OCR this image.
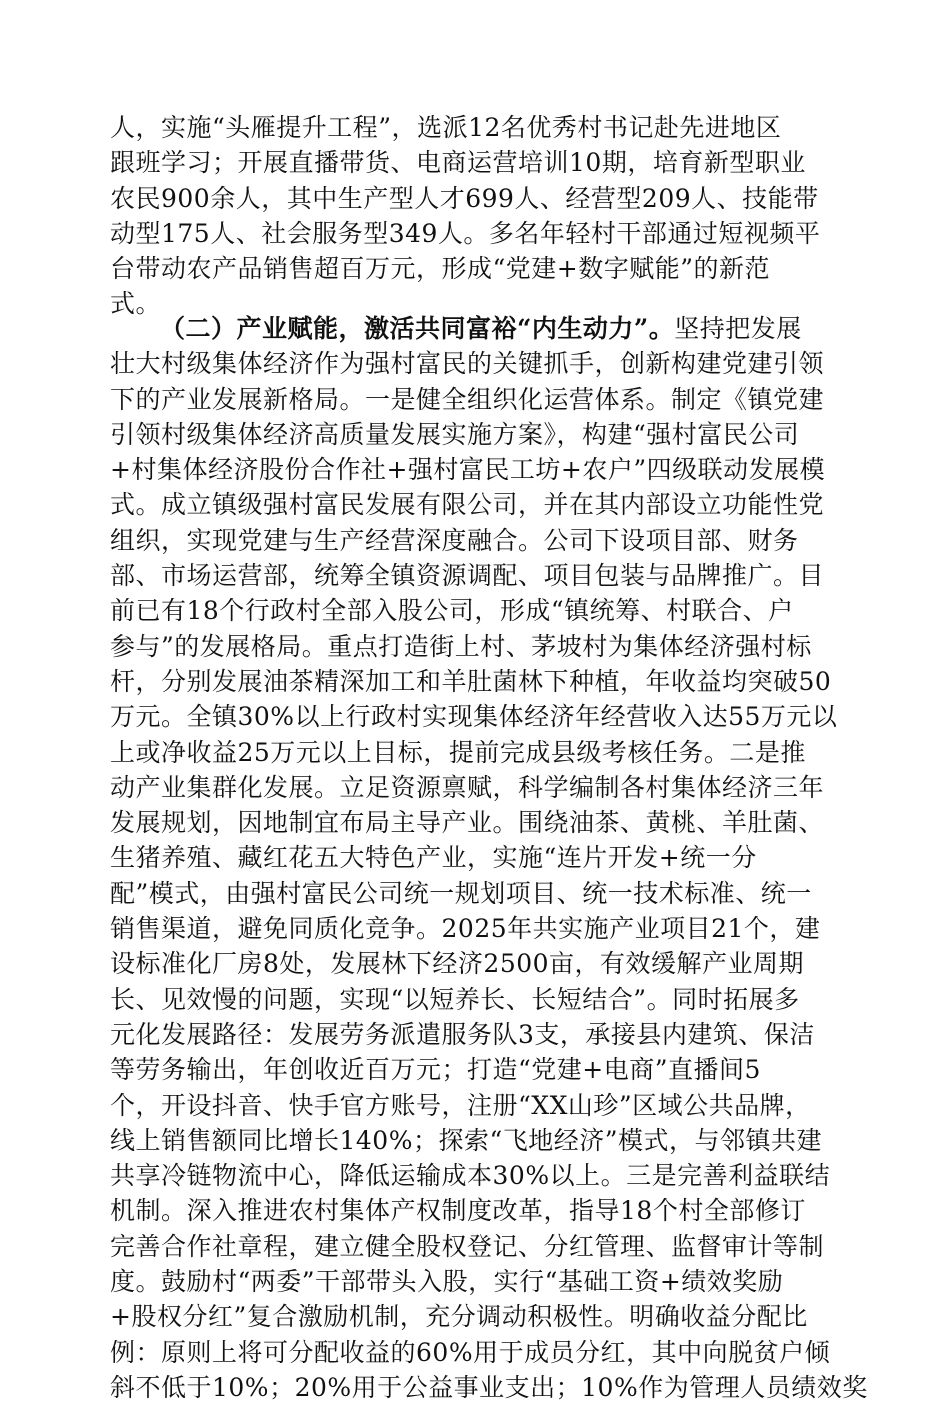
人，实施“头雁提升工程”，选派12名优秀村书记赴先进地区
跟班学习；开展直播带货、电商运营培训10期，培育新型职业
农民900余人，其中生产型人才699人、经营型209人、技能带
动型175人、社会服务型349人。多名年轻村干部通过短视频平
台带动农产品销售超百万元，形成“党建+数字赋能”的新范
式。
（二）产业赋能，激活共同富裕“内生动力”。坚持把发展
壮大村级集体经济作为强村富民的关键抓手，创新构建党建引领
下的产业发展新格局。一是健全组织化运营体系。制定《镇党建
引领村级集体经济高质量发展实施方案》，构建“强村富民公司
+村集体经济股份合作社+强村富民工坊+农户”四级联动发展模
式。成立镇级强村富民发展有限公司，并在其内部设立功能性党
组织，实现党建与生产经营深度融合。公司下设项目部、财务
部、市场运营部，统筹全镇资源调配、项目包装与品牌推广。目
前已有18个行政村全部入股公司，形成“镇统筹、村联合、户
参与”的发展格局。重点打造街上村、茅坡村为集体经济强村标
杆，分别发展油茶精深加工和羊肚菌林下种植，年收益均突破50
万元。全镇30%以上行政村实现集体经济年经营收入达55万元以
上或净收益25万元以上目标，提前完成县级考核任务。二是推
动产业集群化发展。立足资源禀赋，科学编制各村集体经济三年
发展规划，因地制宜布局主导产业。围绕油茶、黄桃、羊肚菌、
生猪养殖、藏红花五大特色产业，实施“连片开发+统一分
配”模式，由强村富民公司统一规划项目、统一技术标准、统一
销售渠道，避免同质化竞争。2025年共实施产业项目21个，建
设标准化厂房8处，发展林下经济2500亩，有效缓解产业周期
长、见效慢的问题，实现“以短养长、长短结合”。同时拓展多
元化发展路径：发展劳务派遣服务队3支，承接县内建筑、保洁
等劳务输出，年创收近百万元；打造“党建+电商”直播间5
个，开设抖音、快手官方账号，注册“XX山珍”区域公共品牌，
线上销售额同比增长140%；探索“飞地经济”模式，与邻镇共建
共享冷链物流中心，降低运输成本30%以上。三是完善利益联结
机制。深入推进农村集体产权制度改革，指导18个村全部修订
完善合作社章程，建立健全股权登记、分红管理、监督审计等制
度。鼓励村“两委”干部带头入股，实行“基础工资+绩效奖励
+股权分红”复合激励机制，充分调动积极性。明确收益分配比
例：原则上将可分配收益的60%用于成员分红，其中向脱贫户倾
斜不低于10%；20%用于公益事业支出；10%作为管理人员绩效奖
